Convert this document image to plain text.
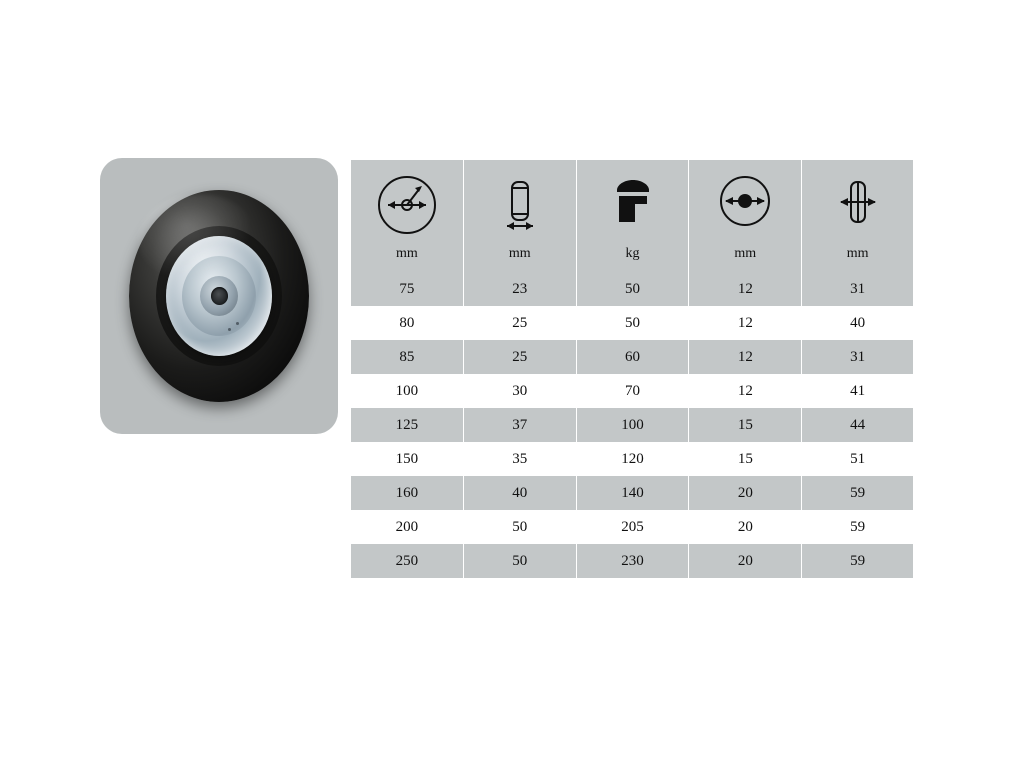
mm	mm	kg	mm	mm

75	23	50	12	31
80	25	50	12	40
85	25	60	12	31
100	30	70	12	41
125	37	100	15	44
150	35	120	15	51
160	40	140	20	59
200	50	205	20	59
250	50	230	20	59
